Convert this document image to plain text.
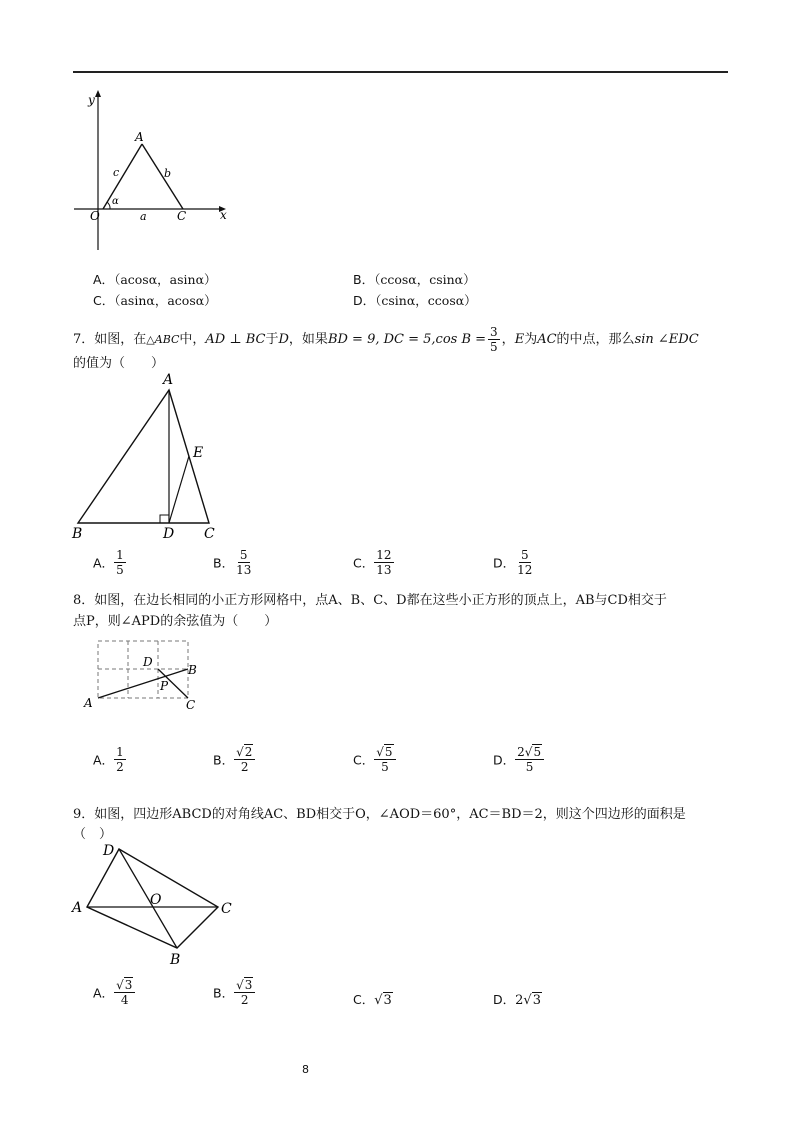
y
x
O
A
C
a
b
c
α
A．（acosα，asinα）	B．（ccosα，csinα）
C．（asinα，acosα）	D．（csinα，ccosα）
7．如图，在△ABC中，AD ⊥ BC于D，如果BD = 9, DC = 5,cos $B = \frac{3}{5}$ ，E为AC的中点，那么sin ∠EDC
的值为（　　）
A
B	C
D
E
A． $\frac{1}{5}$	B． $\frac{5}{13}$	C． $\frac{12}{13}$	D． $\frac{5}{12}$
8．如图，在边长相同的小正方形网格中，点A、B、C、D都在这些小正方形的顶点上，AB与CD相交于
点P，则∠APD的余弦值为（　　）
A
B
C
D
P
A． $\frac{1}{2}$	B． $\frac{√2}{2}$	C． $\frac{√5}{5}$	D． $\frac{2√5}{5}$
9．如图，四边形ABCD的对角线AC、BD相交于O，∠AOD＝60°，AC＝BD＝2，则这个四边形的面积是
（　）
A
B
C
D
O
A． $\frac{√3}{4}$	B． $\frac{√3}{2}$	C．√3	D．2√3
8
